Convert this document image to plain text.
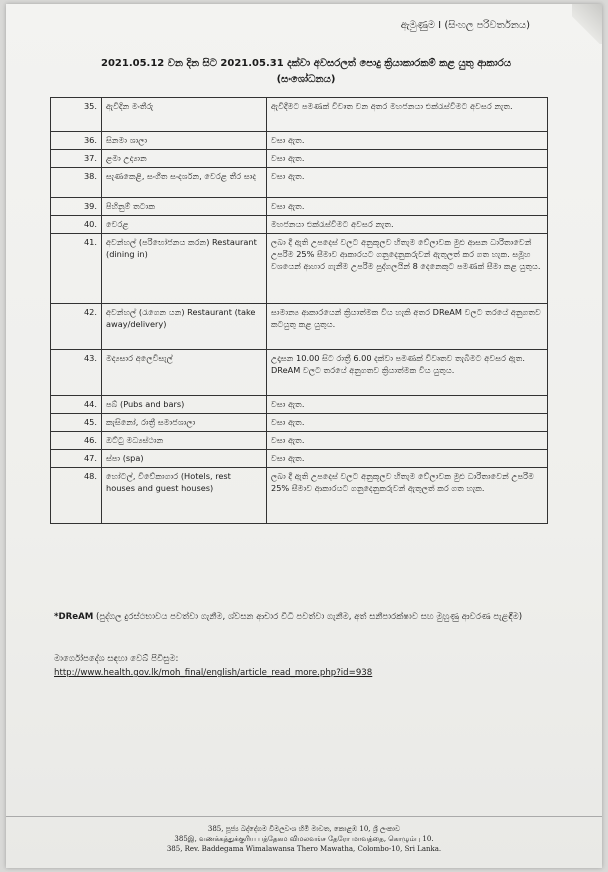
ඇමුණුම I (සිංහල පරිවර්තනය)
2021.05.12 වන දින සිට 2021.05.31 දක්වා අවසරලත් පොදු ක්‍රියාකාරකම් කළ යුතු ආකාරය
(සංශෝධනය)
35.	ඇවිදින මංතීරු	ඇවිදීමට පමණක් විවෘත වන අතර මහජනයා එක්රැස්වීමට අවසර නැත.
36.	සිනමා ශාලා	වසා ඇත.
37.	ළමා උද්‍යාන	වසා ඇත.
38.	සැණකෙළි, සංගීත සංදර්ශන, වෙරළ තීර සාද	වසා ඇත.
39.	පිහිනුම් තටාක	වසා ඇත.
40.	වෙරළ	මහජනයා එක්රැස්වීමට අවසර නැත.
41.	අවන්හල් (පරිභෝජනය කරන) Restaurant (dining in)	ලබා දී ඇති උපදෙස් වලට අනුකූලව හිතැම වේලාවක මුළු ආසන ධාරිතාවෙන් උපරිම 25% සීමාව ආකාරයට ගනුදෙනුකරුවන් ඇතුලත් කර ගත හැක. සමූහ වශයෙන් ආහාර ගැනීම උපරිම පුද්ගලයින් 8 දෙනෙකුට පමණක් සීමා කළ යුතුය.
42.	අවන්හල් (රැගෙන යන) Restaurant (take away/delivery)	සාමාන්‍ය ආකාරයෙන් ක්‍රියාත්මක විය හැකි අතර DReAM වලට තරයේ අනුගතව කටයුතු කළ යුතුය.
43.	මද්‍යසාර අලෙවිසැල්	උදෑසන 10.00 සිට රාත්‍රී 6.00 දක්වා පමණක් විවෘතව තැබීමට අවසර ඇත. DReAM වලට තරයේ අනුගතව ක්‍රියාත්මක විය යුතුය.
44.	පබ් (Pubs and bars)	වසා ඇත.
45.	කැසිනෝ, රාත්‍රී සමාජශාලා	වසා ඇත.
46.	ඔට්ටු මධ්‍යස්ථාන	වසා ඇත.
47.	ස්පා (spa)	වසා ඇත.
48.	හෝටල්, විවේකාගාර (Hotels, rest houses and guest houses)	ලබා දී ඇති උපදෙස් වලට අනුකූලව හිතැම වේලාවක මුළු ධාරිතාවෙන් උපරිම 25% සීමාව ආකාරයට ගනුදෙනුකරුවන් ඇතුලත් කර ගත හැක.
*DReAM (පුද්ගල දුරස්ථභාවය පවත්වා ගැනීම, ශ්වසන ආචාර විධි පවත්වා ගැනීම, අත් සනීපාරක්ෂාව සහ මුහුණු ආවරණ පැළඳීම)
මාර්ගෝපදේශ සඳහා වෙබ් පිවිසුම:
http://www.health.gov.lk/moh_final/english/article_read_more.php?id=938
385, පූජ්‍ය බද්දේගම විමලවංශ හිමි මාවත, කොළඹ 10, ශ්‍රී ලංකාව
385இ, வணக்கத்துக்குரிய பத்தேகம விமலவங்ச தேரோ மாவத்தை, கொழும்பு 10.
385, Rev. Baddegama Wimalawansa Thero Mawatha, Colombo-10, Sri Lanka.
